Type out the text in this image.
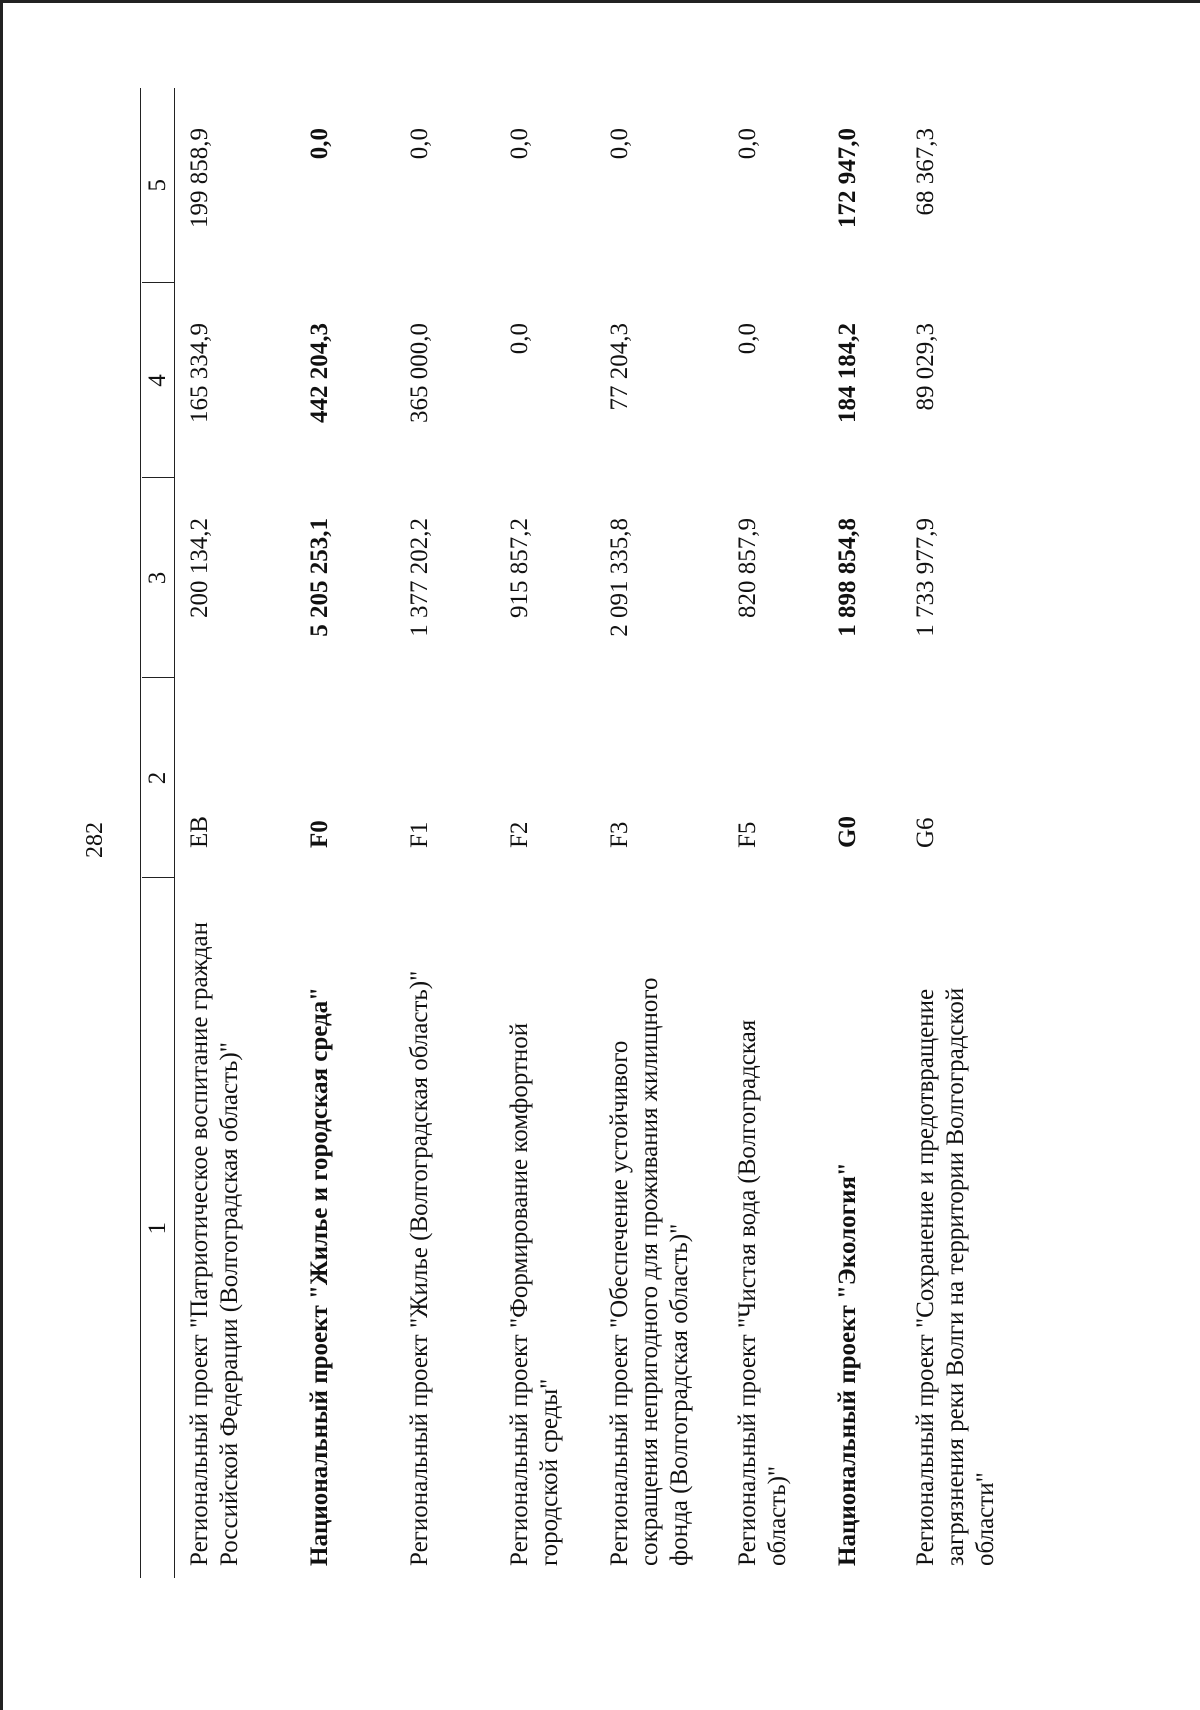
282
1	2	3	4	5
Региональный проект "Патриотическое воспитание граждан Российской Федерации (Волгоградская область)"	EB	200 134,2	165 334,9	199 858,9
Национальный проект "Жилье и городская среда"	F0	5 205 253,1	442 204,3	0,0
Региональный проект "Жилье (Волгоградская область)"	F1	1 377 202,2	365 000,0	0,0
Региональный проект "Формирование комфортной городской среды"	F2	915 857,2	0,0	0,0
Региональный проект "Обеспечение устойчивого сокращения непригодного для проживания жилищного фонда (Волгоградская область)"	F3	2 091 335,8	77 204,3	0,0
Региональный проект "Чистая вода (Волгоградская область)"	F5	820 857,9	0,0	0,0
Национальный проект "Экология"	G0	1 898 854,8	184 184,2	172 947,0
Региональный проект "Сохранение и предотвращение загрязнения реки Волги на территории Волгоградской области"	G6	1 733 977,9	89 029,3	68 367,3
